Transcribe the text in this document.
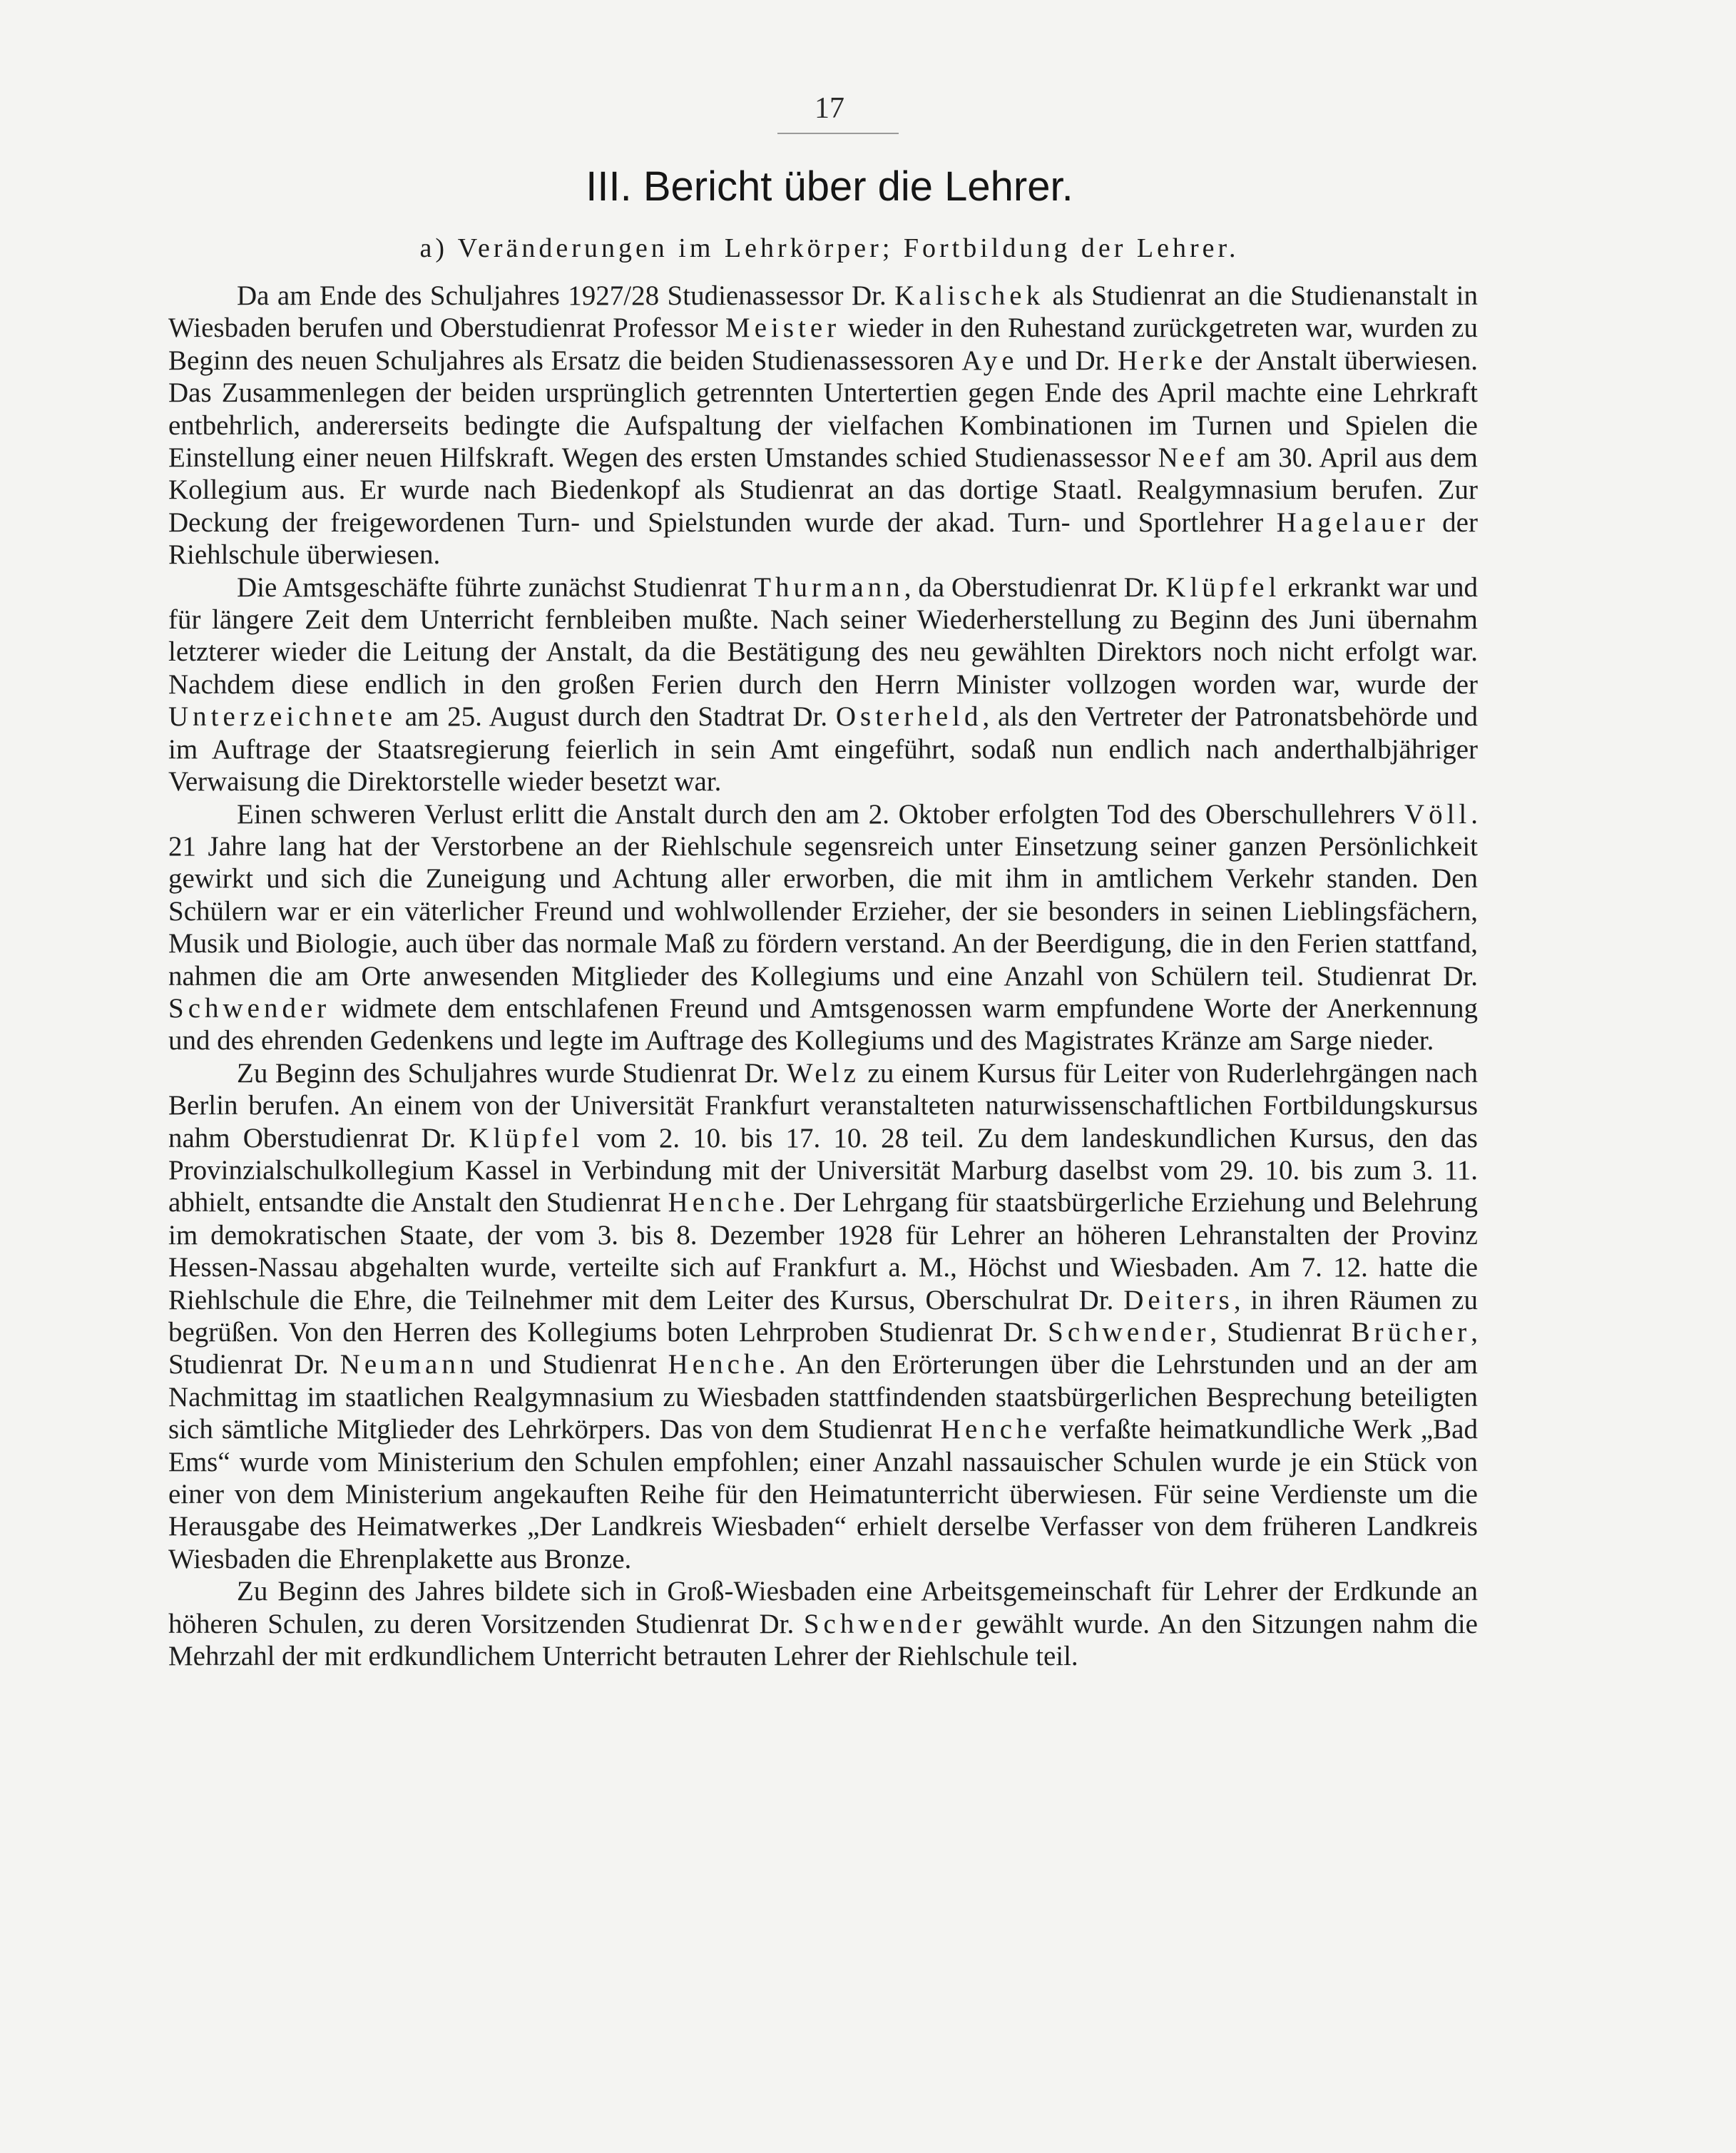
17
III. Bericht über die Lehrer.
a) Veränderungen im Lehrkörper; Fortbildung der Lehrer.

Da am Ende des Schuljahres 1927/28 Studienassessor Dr. Kalischek als Studienrat an die Studienanstalt in Wiesbaden berufen und Oberstudienrat Professor Meister wieder in den Ruhestand zurückgetreten war, wurden zu Beginn des neuen Schuljahres als Ersatz die beiden Studienassessoren Aye und Dr. Herke der Anstalt überwiesen. Das Zusammenlegen der beiden ursprünglich getrennten Untertertien gegen Ende des April machte eine Lehrkraft entbehrlich, andererseits bedingte die Aufspaltung der vielfachen Kombinationen im Turnen und Spielen die Einstellung einer neuen Hilfskraft. Wegen des ersten Umstandes schied Studienassessor Neef am 30. April aus dem Kollegium aus. Er wurde nach Biedenkopf als Studienrat an das dortige Staatl. Realgymnasium berufen. Zur Deckung der freigewordenen Turn- und Spielstunden wurde der akad. Turn- und Sportlehrer Hagelauer der Riehlschule überwiesen.

Die Amtsgeschäfte führte zunächst Studienrat Thurmann, da Oberstudienrat Dr. Klüpfel erkrankt war und für längere Zeit dem Unterricht fernbleiben mußte. Nach seiner Wiederherstellung zu Beginn des Juni übernahm letzterer wieder die Leitung der Anstalt, da die Bestätigung des neu gewählten Direktors noch nicht erfolgt war. Nachdem diese endlich in den großen Ferien durch den Herrn Minister vollzogen worden war, wurde der Unterzeichnete am 25. August durch den Stadtrat Dr. Osterheld, als den Vertreter der Patronatsbehörde und im Auftrage der Staatsregierung feierlich in sein Amt eingeführt, sodaß nun endlich nach anderthalbjähriger Verwaisung die Direktorstelle wieder besetzt war.

Einen schweren Verlust erlitt die Anstalt durch den am 2. Oktober erfolgten Tod des Oberschullehrers Völl. 21 Jahre lang hat der Verstorbene an der Riehlschule segensreich unter Einsetzung seiner ganzen Persönlichkeit gewirkt und sich die Zuneigung und Achtung aller erworben, die mit ihm in amtlichem Verkehr standen. Den Schülern war er ein väterlicher Freund und wohlwollender Erzieher, der sie besonders in seinen Lieblingsfächern, Musik und Biologie, auch über das normale Maß zu fördern verstand. An der Beerdigung, die in den Ferien stattfand, nahmen die am Orte anwesenden Mitglieder des Kollegiums und eine Anzahl von Schülern teil. Studienrat Dr. Schwender widmete dem entschlafenen Freund und Amtsgenossen warm empfundene Worte der Anerkennung und des ehrenden Gedenkens und legte im Auftrage des Kollegiums und des Magistrates Kränze am Sarge nieder.

Zu Beginn des Schuljahres wurde Studienrat Dr. Welz zu einem Kursus für Leiter von Ruderlehrgängen nach Berlin berufen. An einem von der Universität Frankfurt veranstalteten naturwissenschaftlichen Fortbildungskursus nahm Oberstudienrat Dr. Klüpfel vom 2. 10. bis 17. 10. 28 teil. Zu dem landeskundlichen Kursus, den das Provinzialschulkollegium Kassel in Verbindung mit der Universität Marburg daselbst vom 29. 10. bis zum 3. 11. abhielt, entsandte die Anstalt den Studienrat Henche. Der Lehrgang für staatsbürgerliche Erziehung und Belehrung im demokratischen Staate, der vom 3. bis 8. Dezember 1928 für Lehrer an höheren Lehranstalten der Provinz Hessen-Nassau abgehalten wurde, verteilte sich auf Frankfurt a. M., Höchst und Wiesbaden. Am 7. 12. hatte die Riehlschule die Ehre, die Teilnehmer mit dem Leiter des Kursus, Oberschulrat Dr. Deiters, in ihren Räumen zu begrüßen. Von den Herren des Kollegiums boten Lehrproben Studienrat Dr. Schwender, Studienrat Brücher, Studienrat Dr. Neumann und Studienrat Henche. An den Erörterungen über die Lehrstunden und an der am Nachmittag im staatlichen Realgymnasium zu Wiesbaden stattfindenden staatsbürgerlichen Besprechung beteiligten sich sämtliche Mitglieder des Lehrkörpers. Das von dem Studienrat Henche verfaßte heimatkundliche Werk „Bad Ems“ wurde vom Ministerium den Schulen empfohlen; einer Anzahl nassauischer Schulen wurde je ein Stück von einer von dem Ministerium angekauften Reihe für den Heimatunterricht überwiesen. Für seine Verdienste um die Herausgabe des Heimatwerkes „Der Landkreis Wiesbaden“ erhielt derselbe Verfasser von dem früheren Landkreis Wiesbaden die Ehrenplakette aus Bronze.

Zu Beginn des Jahres bildete sich in Groß-Wiesbaden eine Arbeitsgemeinschaft für Lehrer der Erdkunde an höheren Schulen, zu deren Vorsitzenden Studienrat Dr. Schwender gewählt wurde. An den Sitzungen nahm die Mehrzahl der mit erdkundlichem Unterricht betrauten Lehrer der Riehlschule teil.
